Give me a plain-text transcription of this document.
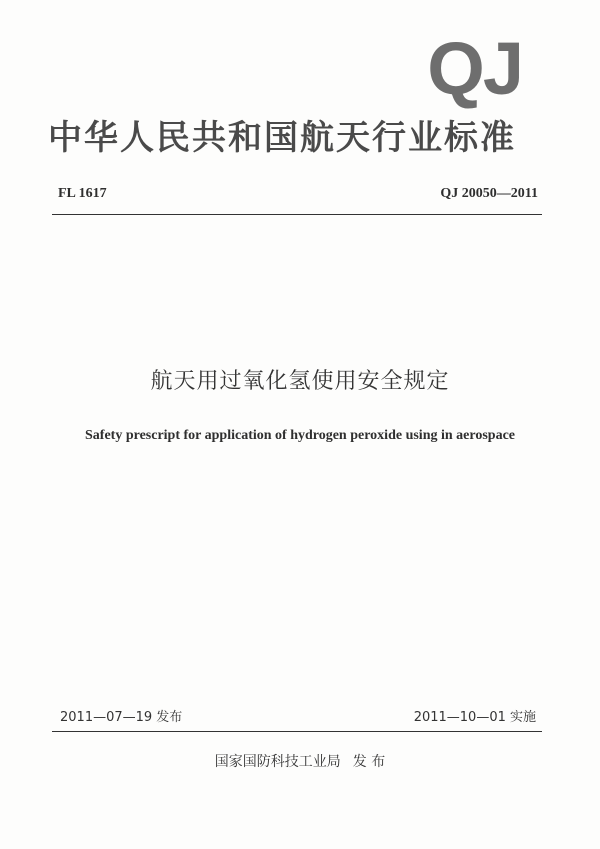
QJ
中华人民共和国航天行业标准
FL 1617	QJ 20050—2011
航天用过氧化氢使用安全规定
Safety prescript for application of hydrogen peroxide using in aerospace
2011—07—19 发布	2011—10—01 实施
国家国防科技工业局 发 布
